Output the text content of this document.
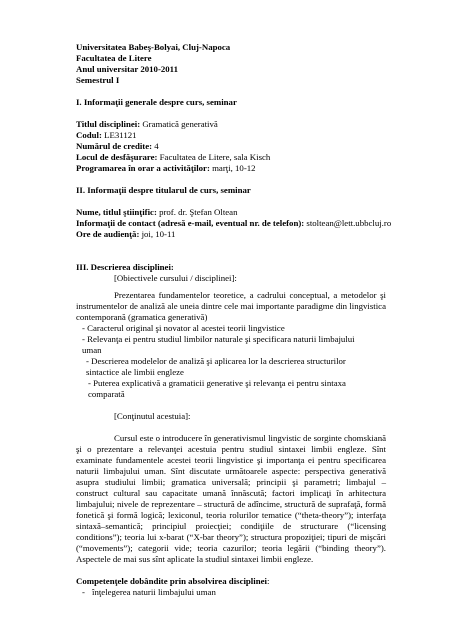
Universitatea Babeş-Bolyai, Cluj-Napoca

Facultatea de Litere

Anul universitar 2010-2011

Semestrul I

I. Informaţii generale despre curs, seminar

Titlul disciplinei: Gramatică generativă

Codul: LE31121

Numărul de credite: 4

Locul de desfăşurare: Facultatea de Litere, sala Kisch

Programarea în orar a activităţilor: marţi, 10-12

II. Informaţii despre titularul de curs, seminar

Nume, titlul ştiinţific: prof. dr. Ştefan Oltean

Informaţii de contact (adresă e-mail, eventual nr. de telefon): stoltean@lett.ubbcluj.ro

Ore de audienţă: joi, 10-11

III. Descrierea disciplinei:

[Obiectivele cursului / disciplinei]:

Prezentarea fundamentelor teoretice, a cadrului conceptual, a metodelor şi instrumentelor de analiză ale uneia dintre cele mai importante paradigme din lingvistica contemporană (gramatica generativă)

- Caracterul original şi novator al acestei teorii lingvistice

- Relevanţa ei pentru studiul limbilor naturale şi specificara naturii limbajului

uman

- Descrierea modelelor de analiză şi aplicarea lor la descrierea structurilor

sintactice ale limbii engleze

- Puterea explicativă a gramaticii generative şi relevanţa ei pentru sintaxa

comparată

[Conţinutul acestuia]:

Cursul este o introducere în generativismul lingvistic de sorginte chomskiană şi o prezentare a relevanţei acestuia pentru studiul sintaxei limbii engleze. Sînt examinate fundamentele acestei teorii lingvistice şi importanţa ei pentru specificarea naturii limbajului uman. Sînt discutate următoarele aspecte: perspectiva generativă asupra studiului limbii; gramatica universală; principii şi parametri; limbajul – construct cultural sau capacitate umană înnăscută; factori implicaţi în arhitectura limbajului; nivele de reprezentare – structură de adîncime, structură de suprafaţă, formă fonetică şi formă logică; lexiconul, teoria rolurilor tematice (“theta-theory”); interfaţa sintaxă–semantică; principiul proiecţiei; condiţiile de structurare (“licensing conditions”); teoria lui x-barat (“X-bar theory”); structura propoziţiei; tipuri de mişcări (“movements”); categorii vide; teoria cazurilor; teoria legării (“binding theory”). Aspectele de mai sus sînt aplicate la studiul sintaxei limbii engleze.

Competenţele dobândite prin absolvirea disciplinei:

- înţelegerea naturii limbajului uman
